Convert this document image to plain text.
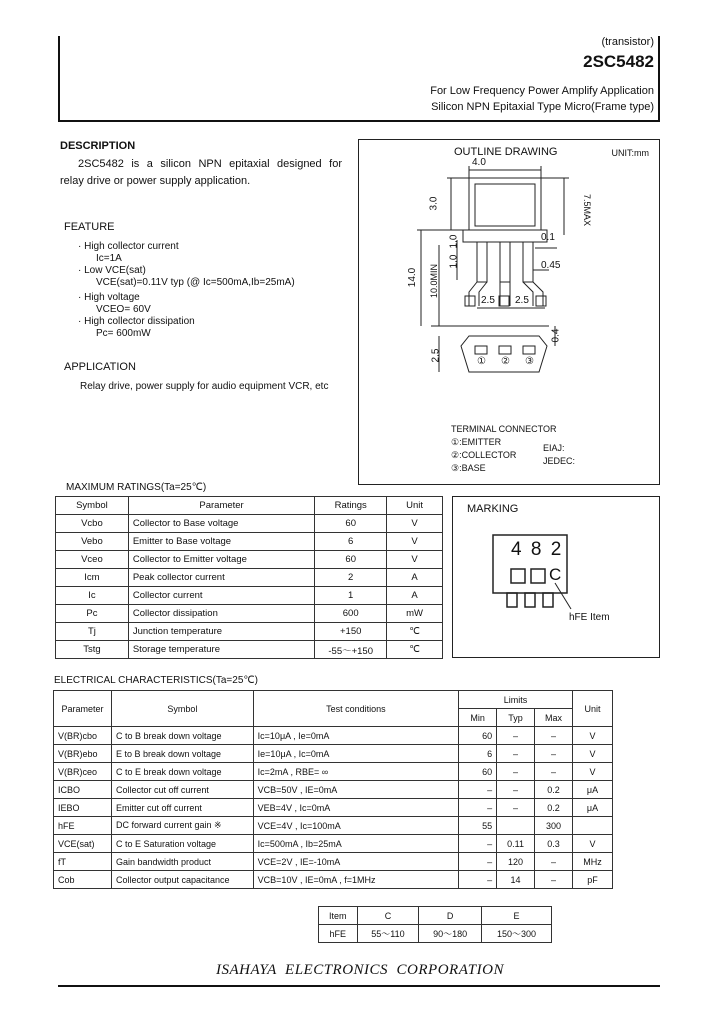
(transistor)
2SC5482
For Low Frequency Power Amplify Application
Silicon NPN Epitaxial Type Micro(Frame type)
DESCRIPTION
2SC5482 is a silicon NPN epitaxial designed for
relay drive or power supply application.
FEATURE
· High collector current
Ic=1A
· Low VCE(sat)
VCE(sat)=0.11V typ (@ Ic=500mA,Ib=25mA)
· High voltage
VCEO= 60V
· High collector dissipation
Pc= 600mW
APPLICATION
Relay drive, power supply for audio equipment VCR, etc
OUTLINE DRAWING	UNIT:mm
4.0
3.0	7.5MAX
1.0
1.0
14.0 10.0MIN
0.1
0.45
2.5 2.5
0.4
2.5	① ② ③
TERMINAL CONNECTOR
①:EMITTER
②:COLLECTOR
③:BASE
EIAJ:
JEDEC:
MAXIMUM RATINGS(Ta=25℃)
Symbol	Parameter	Ratings	Unit
Vcbo	Collector to Base voltage	60	V
Vebo	Emitter to Base voltage	6	V
Vceo	Collector to Emitter voltage	60	V
Icm	Peak collector current	2	A
Ic	Collector current	1	A
Pc	Collector dissipation	600	mW
Tj	Junction temperature	+150	℃
Tstg	Storage temperature	-55～+150	℃
MARKING
4 8 2
C
hFE Item
ELECTRICAL CHARACTERISTICS(Ta=25℃)
Parameter	Symbol	Test conditions	Limits			Unit
			Min	Typ	Max	
V(BR)cbo	C to B break down voltage	Ic=10μA , Ie=0mA	60	–	–	V
V(BR)ebo	E to B break down voltage	Ie=10μA , Ic=0mA	6	–	–	V
V(BR)ceo	C to E break down voltage	Ic=2mA , RBE= ∞	60	–	–	V
ICBO	Collector cut off current	VCB=50V , IE=0mA	–	–	0.2	μA
IEBO	Emitter cut off current	VEB=4V , Ic=0mA	–	–	0.2	μA
hFE	DC forward current gain ※	VCE=4V , Ic=100mA	55		300	
VCE(sat)	C to E Saturation voltage	Ic=500mA , Ib=25mA	–	0.11	0.3	V
fT	Gain bandwidth product	VCE=2V , IE=-10mA	–	120	–	MHz
Cob	Collector output capacitance	VCB=10V , IE=0mA , f=1MHz	–	14	–	pF
Item	C	D	E
hFE	55～110	90～180	150～300
ISAHAYA  ELECTRONICS  CORPORATION
